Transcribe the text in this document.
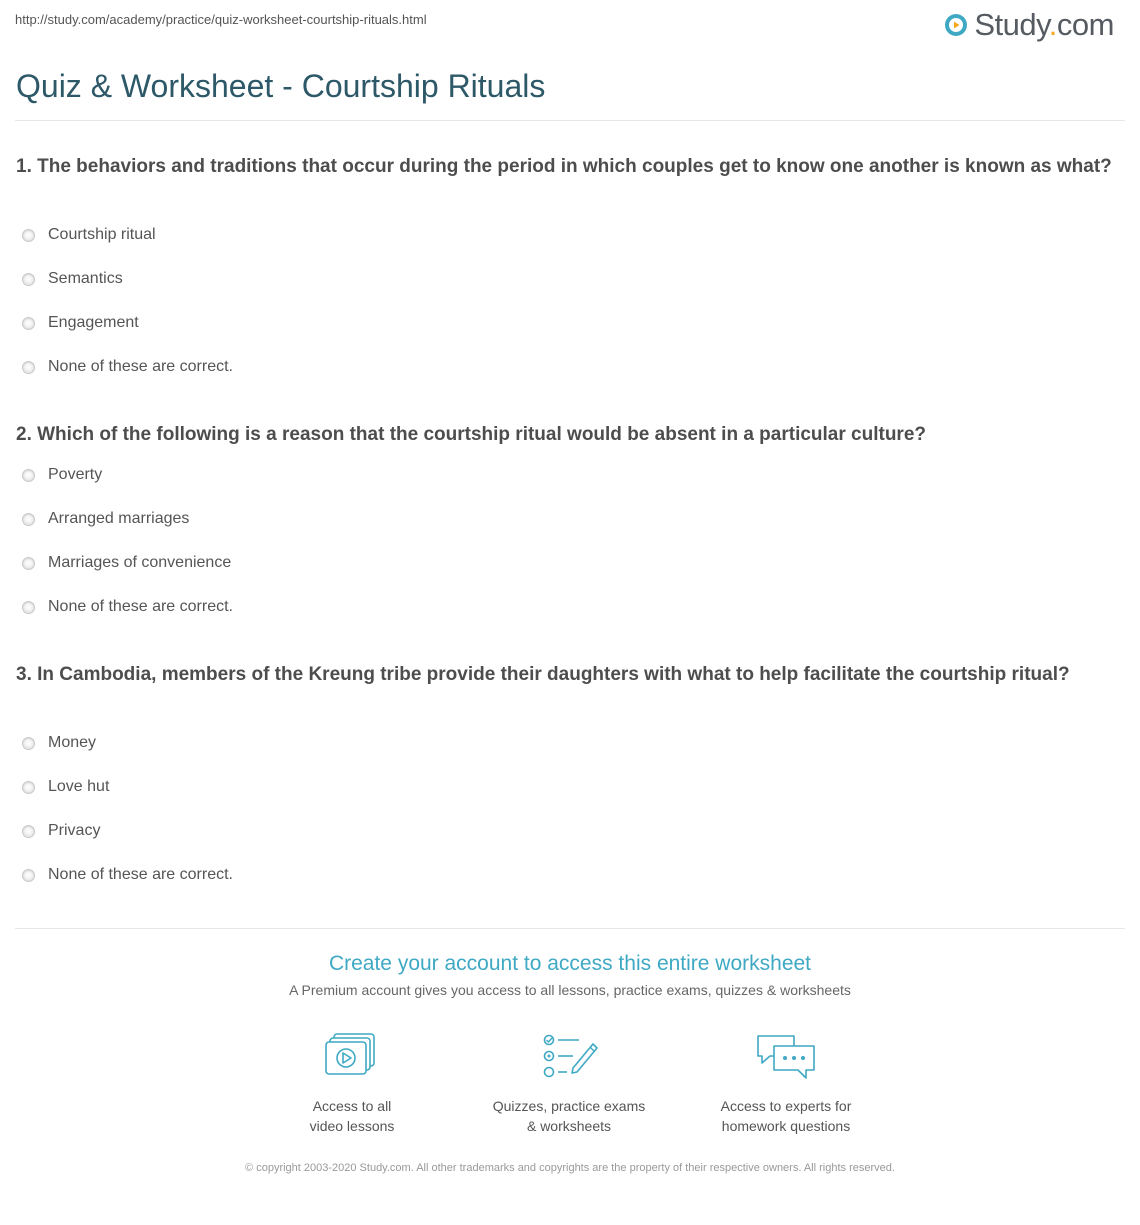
http://study.com/academy/practice/quiz-worksheet-courtship-rituals.html	Study.com
Quiz & Worksheet - Courtship Rituals
1. The behaviors and traditions that occur during the period in which couples get to know one another is known as what?
Courtship ritual
Semantics
Engagement
None of these are correct.
2. Which of the following is a reason that the courtship ritual would be absent in a particular culture?
Poverty
Arranged marriages
Marriages of convenience
None of these are correct.
3. In Cambodia, members of the Kreung tribe provide their daughters with what to help facilitate the courtship ritual?
Money
Love hut
Privacy
None of these are correct.
Create your account to access this entire worksheet
A Premium account gives you access to all lessons, practice exams, quizzes & worksheets
Access to all
video lessons
Quizzes, practice exams
& worksheets
Access to experts for
homework questions
© copyright 2003-2020 Study.com. All other trademarks and copyrights are the property of their respective owners. All rights reserved.
